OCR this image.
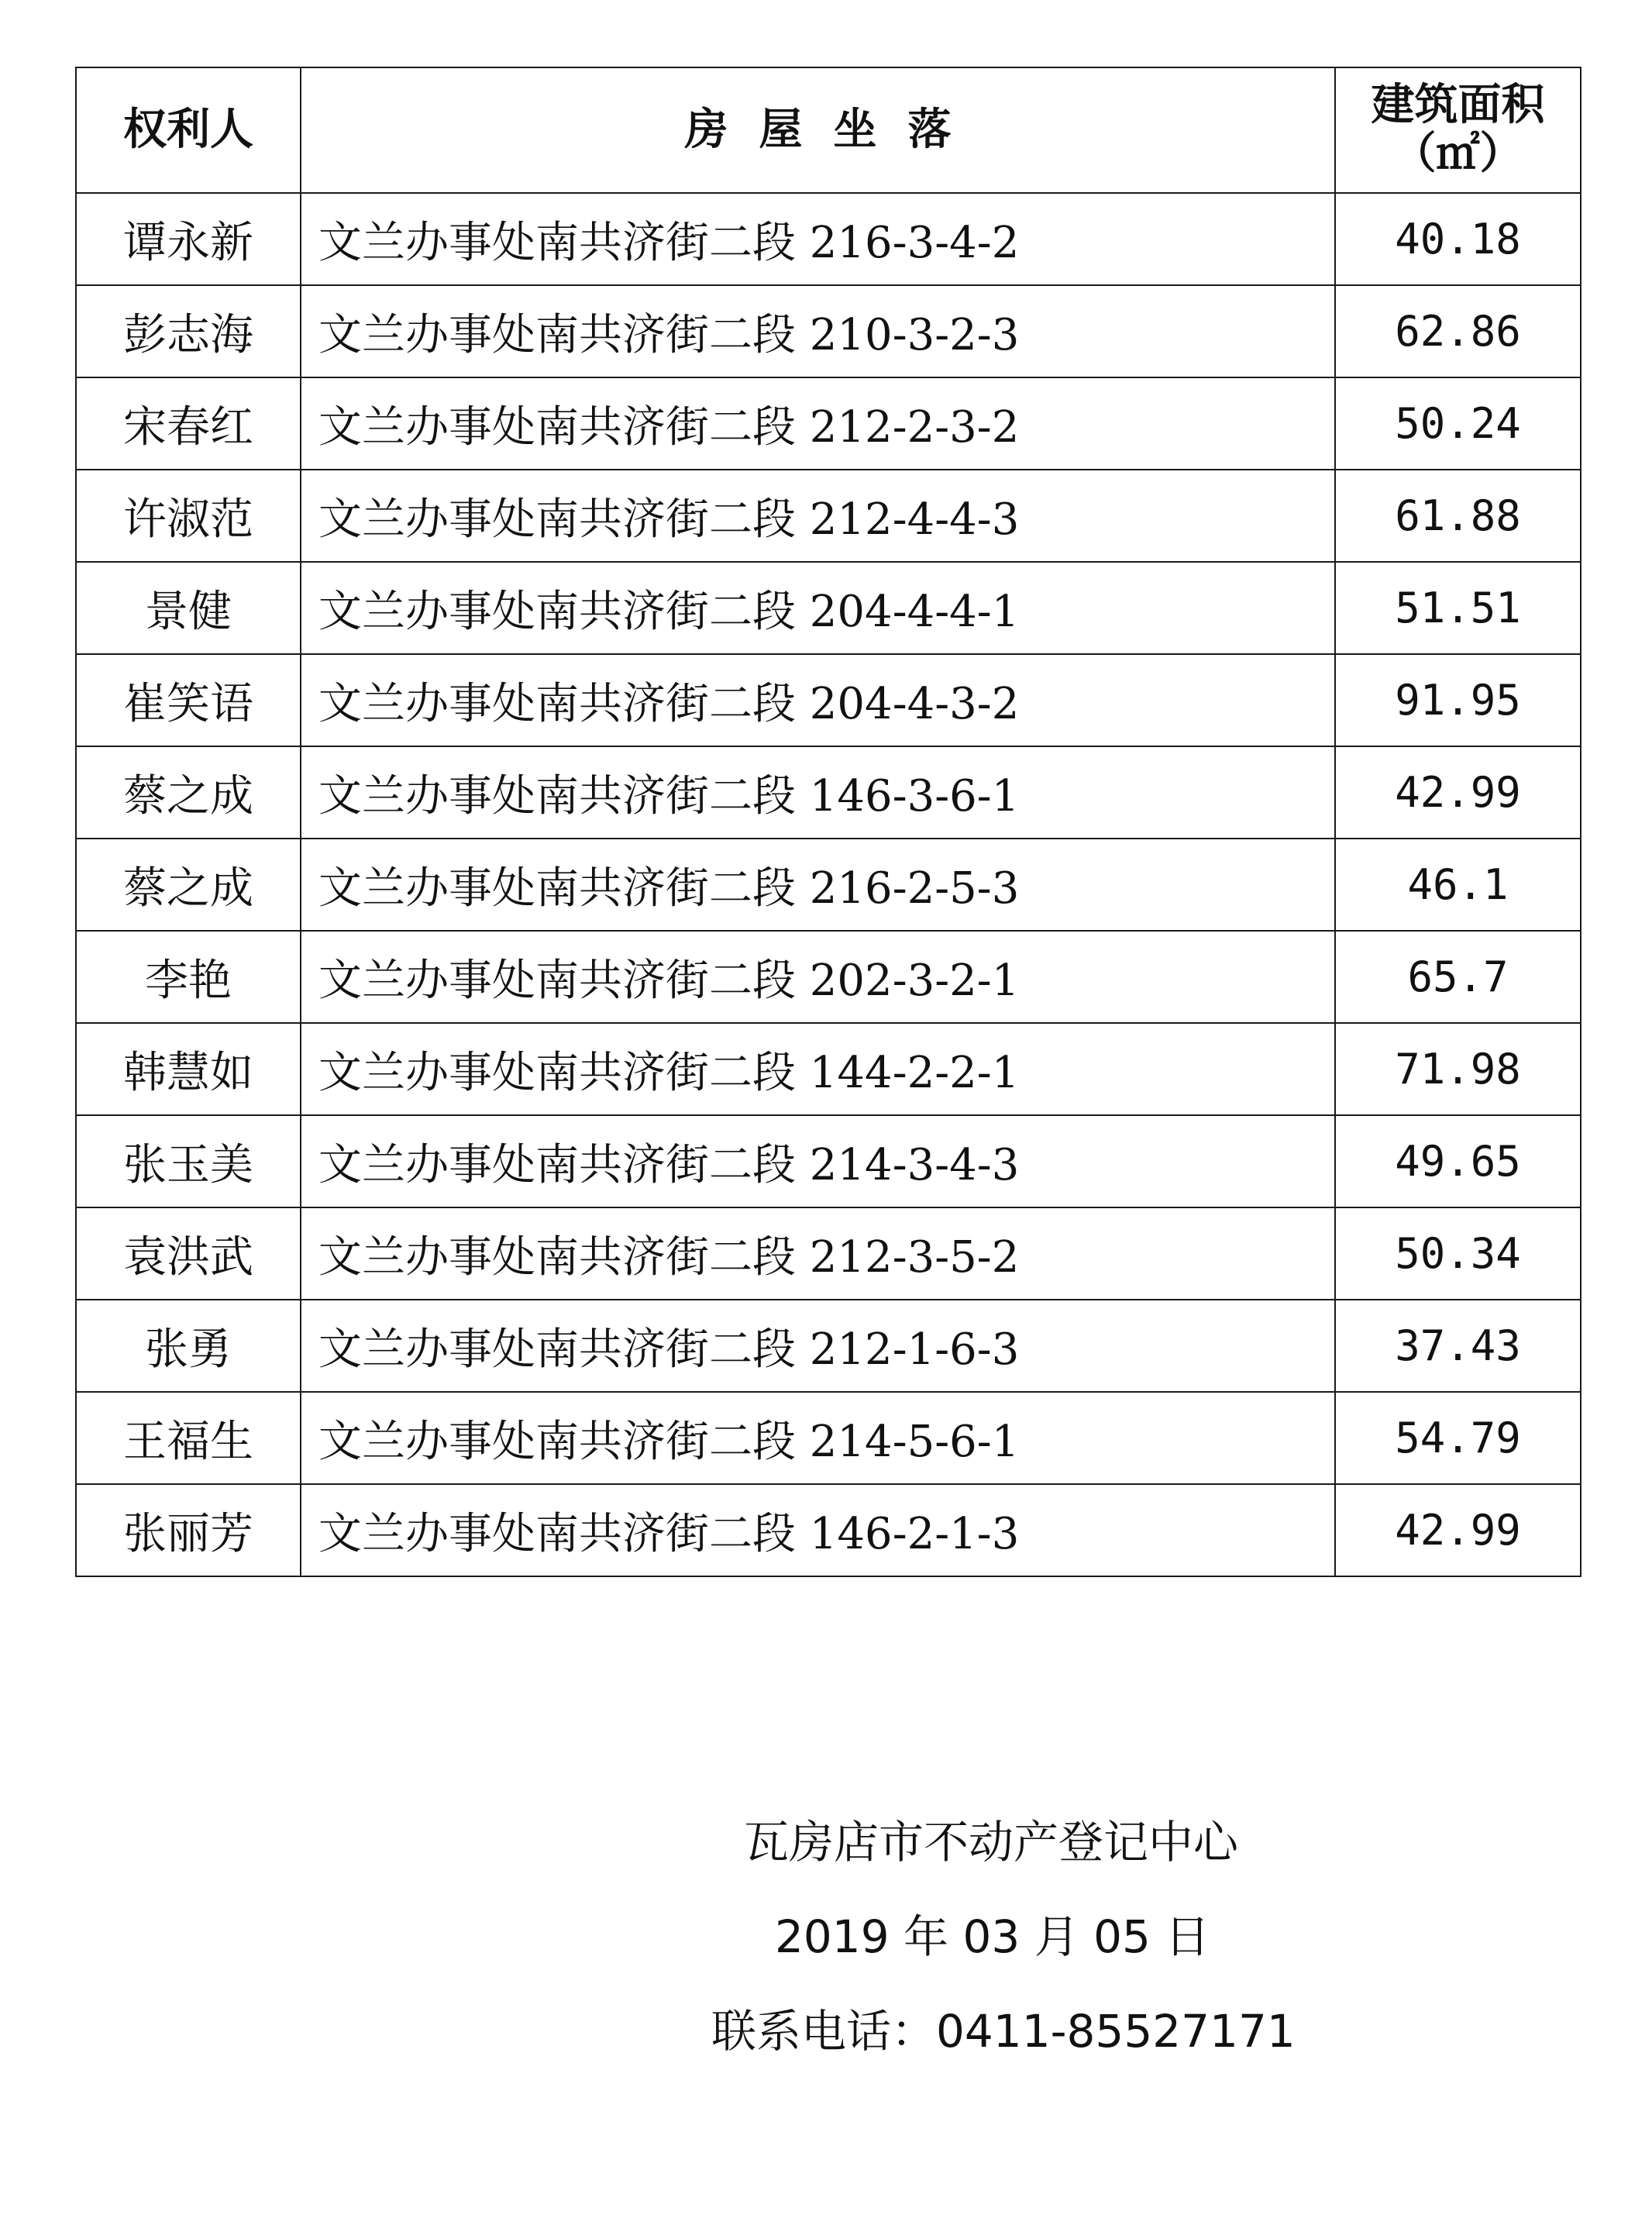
权利人	房屋坐落	建筑面积
（㎡）

谭永新	文兰办事处南共济街二段 216-3-4-2	40.18
彭志海	文兰办事处南共济街二段 210-3-2-3	62.86
宋春红	文兰办事处南共济街二段 212-2-3-2	50.24
许淑范	文兰办事处南共济街二段 212-4-4-3	61.88
景健	文兰办事处南共济街二段 204-4-4-1	51.51
崔笑语	文兰办事处南共济街二段 204-4-3-2	91.95
蔡之成	文兰办事处南共济街二段 146-3-6-1	42.99
蔡之成	文兰办事处南共济街二段 216-2-5-3	46.1
李艳	文兰办事处南共济街二段 202-3-2-1	65.7
韩慧如	文兰办事处南共济街二段 144-2-2-1	71.98
张玉美	文兰办事处南共济街二段 214-3-4-3	49.65
袁洪武	文兰办事处南共济街二段 212-3-5-2	50.34
张勇	文兰办事处南共济街二段 212-1-6-3	37.43
王福生	文兰办事处南共济街二段 214-5-6-1	54.79
张丽芳	文兰办事处南共济街二段 146-2-1-3	42.99
瓦房店市不动产登记中心
2019 年 03 月 05 日
联系电话：0411-85527171
